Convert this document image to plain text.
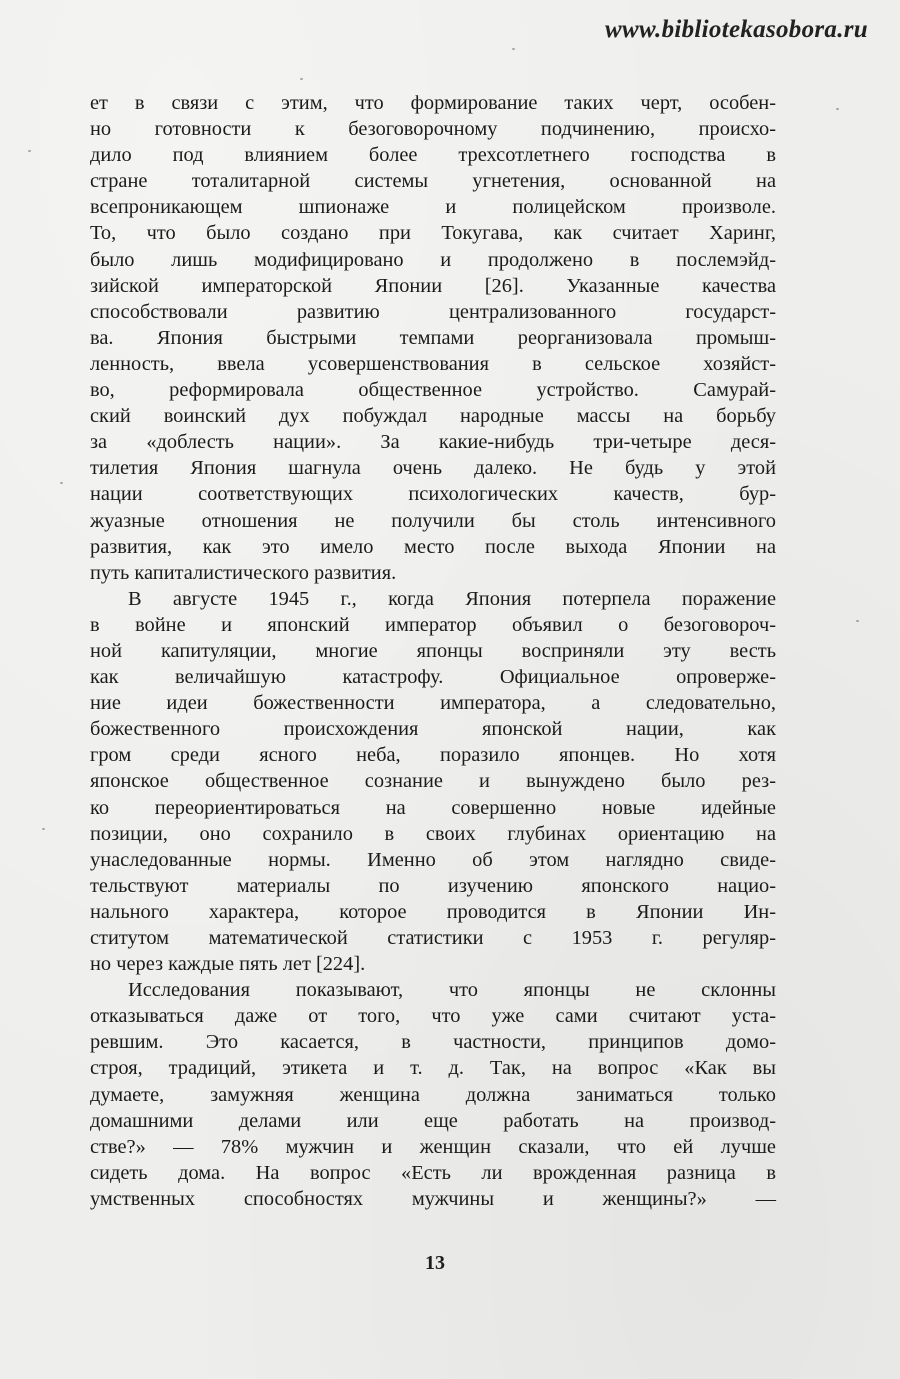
www.bibliotekasobora.ru

ет в связи с этим, что формирование таких черт, особен-
но готовности к безоговорочному подчинению, происхо-
дило под влиянием более трехсотлетнего господства в
стране тоталитарной системы угнетения, основанной на
всепроникающем шпионаже и полицейском произволе.
То, что было создано при Токугава, как считает Харинг,
было лишь модифицировано и продолжено в послемэйд-
зийской императорской Японии [26]. Указанные качества
способствовали развитию централизованного государст-
ва. Япония быстрыми темпами реорганизовала промыш-
ленность, ввела усовершенствования в сельское хозяйст-
во, реформировала общественное устройство. Самурай-
ский воинский дух побуждал народные массы на борьбу
за «доблесть нации». За какие-нибудь три-четыре деся-
тилетия Япония шагнула очень далеко. Не будь у этой
нации соответствующих психологических качеств, бур-
жуазные отношения не получили бы столь интенсивного
развития, как это имело место после выхода Японии на
путь капиталистического развития.

В августе 1945 г., когда Япония потерпела поражение
в войне и японский император объявил о безоговороч-
ной капитуляции, многие японцы восприняли эту весть
как величайшую катастрофу. Официальное опроверже-
ние идеи божественности императора, а следовательно,
божественного происхождения японской нации, как
гром среди ясного неба, поразило японцев. Но хотя
японское общественное сознание и вынуждено было рез-
ко переориентироваться на совершенно новые идейные
позиции, оно сохранило в своих глубинах ориентацию на
унаследованные нормы. Именно об этом наглядно свиде-
тельствуют материалы по изучению японского нацио-
нального характера, которое проводится в Японии Ин-
ститутом математической статистики с 1953 г. регуляр-
но через каждые пять лет [224].

Исследования показывают, что японцы не склонны
отказываться даже от того, что уже сами считают уста-
ревшим. Это касается, в частности, принципов домо-
строя, традиций, этикета и т. д. Так, на вопрос «Как вы
думаете, замужняя женщина должна заниматься только
домашними делами или еще работать на производ-
стве?» — 78% мужчин и женщин сказали, что ей лучше
сидеть дома. На вопрос «Есть ли врожденная разница в
умственных способностях мужчины и женщины?» —

13
